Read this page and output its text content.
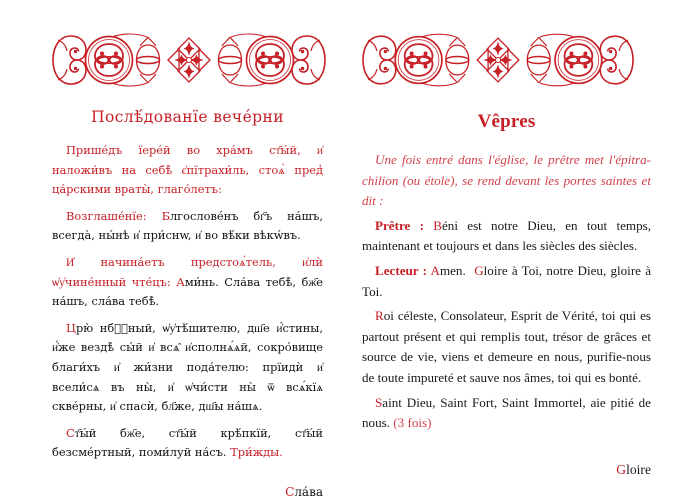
Послѣ́дованїе вече́рни

Прише́дъ їере́й во хра́мъ ст҃ы́й, и҆ наложи́въ на себѣ̀ є҆пїтрахи́ль, стоѧ̀ пред̾ ца́рскими враты̀, глаго́летъ:

Возглаше́нїе: Блгослове́нъ бг҃ъ на́шъ, всегда̀, ны́нѣ и҆ при́снw, и҆ во вѣ́ки вѣкẃвъ.

И҆ начина́етъ предстоѧ́тель, и҆лѝ ѡ҆у҆чине́нный чте́цъ: Ами́нь. Сла́ва тебѣ̀, бж҃е на́шъ, сла́ва тебѣ̀.

Црю̀ нбⷭ҇ный, ѡ҆у҆тѣ́шителю, дш҃е и҆́стины, и҆́же вездѣ̀ сы́й и҆ всѧ̑ и҆сполнѧ́ѧй, сокро́вище благи́хъ и҆ жи́зни пода́телю: прїидѝ и҆ всели́сѧ въ ны̀, и҆ ѡ҆чи́сти ны̀ ѿ всѧ́кїѧ скве́рны, и҆ спасѝ, бл҃же, дш҃ы на́шѧ.

Ст҃ы́й бж҃е, ст҃ы́й крѣ́пкїй, ст҃ы́й безсме́ртный, поми́луй на́съ. Три́жды.

Сла́ва
Vêpres

Une fois entré dans l'église, le prêtre met l'épitra-chilion (ou étole), se rend devant les portes saintes et dit :

Prêtre : Béni est notre Dieu, en tout temps, maintenant et toujours et dans les siècles des siècles.

Lecteur : Amen. Gloire à Toi, notre Dieu, gloire à Toi.

Roi céleste, Consolateur, Esprit de Vérité, toi qui es partout présent et qui remplis tout, trésor de grâces et source de vie, viens et demeure en nous, purifie-nous de toute impureté et sauve nos âmes, toi qui es bonté.

Saint Dieu, Saint Fort, Saint Immortel, aie pitié de nous. (3 fois)

Gloire
